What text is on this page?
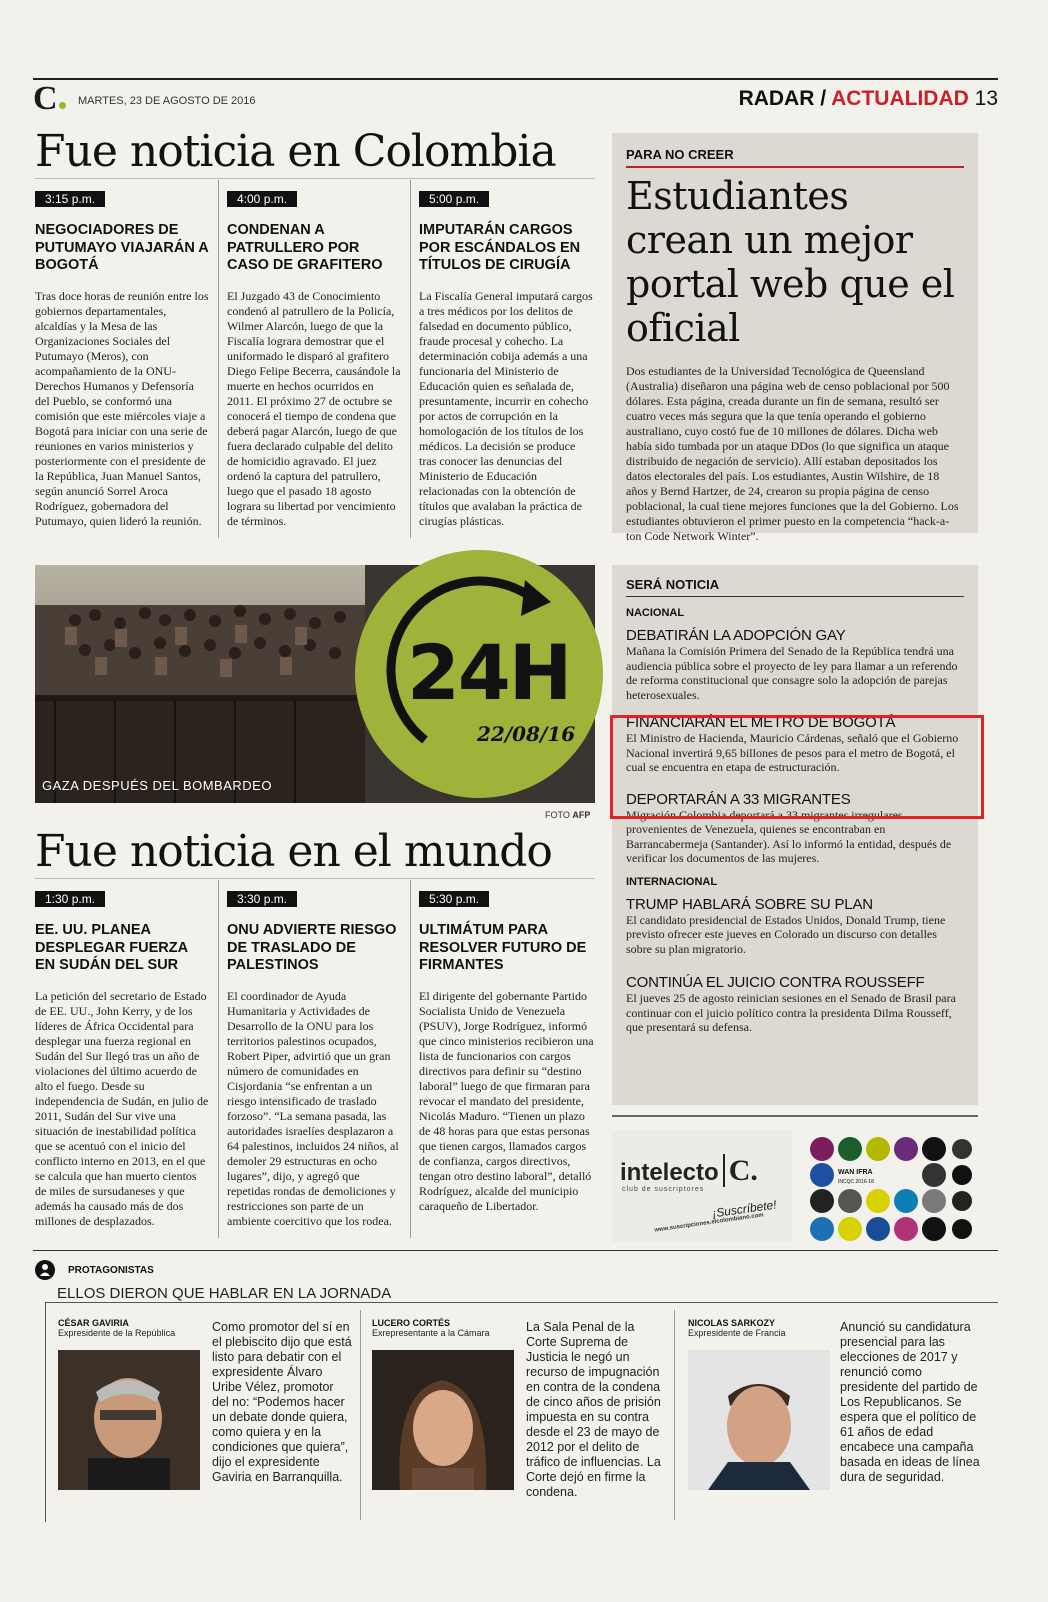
C	MARTES, 23 DE AGOSTO DE 2016	RADAR / ACTUALIDAD 13
Fue noticia en Colombia
3:15 p.m.
NEGOCIADORES DE PUTUMAYO VIAJARÁN A BOGOTÁ
Tras doce horas de reunión entre los gobiernos departamentales, alcaldías y la Mesa de las Organizaciones Sociales del Putumayo (Meros), con acompañamiento de la ONU-Derechos Humanos y Defensoría del Pueblo, se conformó una comisión que este miércoles viaje a Bogotá para iniciar con una serie de reuniones en varios ministerios y posteriormente con el presidente de la República, Juan Manuel Santos, según anunció Sorrel Aroca Rodríguez, gobernadora del Putumayo, quien lideró la reunión.
4:00 p.m.
CONDENAN A PATRULLERO POR CASO DE GRAFITERO
El Juzgado 43 de Conocimiento condenó al patrullero de la Policía, Wilmer Alarcón, luego de que la Fiscalía lograra demostrar que el uniformado le disparó al grafitero Diego Felipe Becerra, causándole la muerte en hechos ocurridos en 2011. El próximo 27 de octubre se conocerá el tiempo de condena que deberá pagar Alarcón, luego de que fuera declarado culpable del delito de homicidio agravado. El juez ordenó la captura del patrullero, luego que el pasado 18 agosto lograra su libertad por vencimiento de términos.
5:00 p.m.
IMPUTARÁN CARGOS POR ESCÁNDALOS EN TÍTULOS DE CIRUGÍA
La Fiscalía General imputará cargos a tres médicos por los delitos de falsedad en documento público, fraude procesal y cohecho. La determinación cobija además a una funcionaria del Ministerio de Educación quien es señalada de, presuntamente, incurrir en cohecho por actos de corrupción en la homologación de los títulos de los médicos. La decisión se produce tras conocer las denuncias del Ministerio de Educación relacionadas con la obtención de títulos que avalaban la práctica de cirugías plásticas.
PARA NO CREER
Estudiantes crean un mejor portal web que el oficial
Dos estudiantes de la Universidad Tecnológica de Queensland (Australia) diseñaron una página web de censo poblacional por 500 dólares. Esta página, creada durante un fin de semana, resultó ser cuatro veces más segura que la que tenía operando el gobierno australiano, cuyo costó fue de 10 millones de dólares. Dicha web había sido tumbada por un ataque DDos (lo que significa un ataque distribuido de negación de servicio). Allí estaban depositados los datos electorales del país. Los estudiantes, Austin Wilshire, de 18 años y Bernd Hartzer, de 24, crearon su propia página de censo poblacional, la cual tiene mejores funciones que la del Gobierno. Los estudiantes obtuvieron el primer puesto en la competencia “hack-a-ton Code Network Winter”.
GAZA DESPUÉS DEL BOMBARDEO
FOTO AFP
24H
22/08/16
SERÁ NOTICIA
NACIONAL
DEBATIRÁN LA ADOPCIÓN GAY
Mañana la Comisión Primera del Senado de la República tendrá una audiencia pública sobre el proyecto de ley para llamar a un referendo de reforma constitucional que consagre solo la adopción de parejas heterosexuales.
FINANCIARÁN EL METRO DE BOGOTÁ
El Ministro de Hacienda, Mauricio Cárdenas, señaló que el Gobierno Nacional invertirá 9,65 billones de pesos para el metro de Bogotá, el cual se encuentra en etapa de estructuración.
DEPORTARÁN A 33 MIGRANTES
Migración Colombia deportará a 33 migrantes irregulares provenientes de Venezuela, quienes se encontraban en Barrancabermeja (Santander). Así lo informó la entidad, después de verificar los documentos de las mujeres.
INTERNACIONAL
TRUMP HABLARÁ SOBRE SU PLAN
El candidato presidencial de Estados Unidos, Donald Trump, tiene previsto ofrecer este jueves en Colorado un discurso con detalles sobre su plan migratorio.
CONTINÚA EL JUICIO CONTRA ROUSSEFF
El jueves 25 de agosto reinician sesiones en el Senado de Brasil para continuar con el juicio político contra la presidenta Dilma Rousseff, que presentará su defensa.
Fue noticia en el mundo
1:30 p.m.
EE. UU. PLANEA DESPLEGAR FUERZA EN SUDÁN DEL SUR
La petición del secretario de Estado de EE. UU., John Kerry, y de los líderes de África Occidental para desplegar una fuerza regional en Sudán del Sur llegó tras un año de violaciones del último acuerdo de alto el fuego. Desde su independencia de Sudán, en julio de 2011, Sudán del Sur vive una situación de inestabilidad política que se acentuó con el inicio del conflicto interno en 2013, en el que se calcula que han muerto cientos de miles de sursudaneses y que además ha causado más de dos millones de desplazados.
3:30 p.m.
ONU ADVIERTE RIESGO DE TRASLADO DE PALESTINOS
El coordinador de Ayuda Humanitaria y Actividades de Desarrollo de la ONU para los territorios palestinos ocupados, Robert Piper, advirtió que un gran número de comunidades en Cisjordania “se enfrentan a un riesgo intensificado de traslado forzoso”. “La semana pasada, las autoridades israelíes desplazaron a 64 palestinos, incluidos 24 niños, al demoler 29 estructuras en ocho lugares”, dijo, y agregó que repetidas rondas de demoliciones y restricciones son parte de un ambiente coercitivo que los rodea.
5:30 p.m.
ULTIMÁTUM PARA RESOLVER FUTURO DE FIRMANTES
El dirigente del gobernante Partido Socialista Unido de Venezuela (PSUV), Jorge Rodríguez, informó que cinco ministerios recibieron una lista de funcionarios con cargos directivos para definir su “destino laboral” luego de que firmaran para revocar el mandato del presidente, Nicolás Maduro. “Tienen un plazo de 48 horas para que estas personas que tienen cargos, llamados cargos de confianza, cargos directivos, tengan otro destino laboral”, detalló Rodríguez, alcalde del municipio caraqueño de Libertador.
intelecto C.
club de suscriptores
¡Suscríbete!
www.suscripciones.elcolombiano.com
WAN IFRA
INCQC 2016-18
PROTAGONISTAS
ELLOS DIERON QUE HABLAR EN LA JORNADA
CÉSAR GAVIRIA
Expresidente de la República	Como promotor del sí en el plebiscito dijo que está listo para debatir con el expresidente Álvaro Uribe Vélez, promotor del no: “Podemos hacer un debate donde quiera, como quiera y en la condiciones que quiera”, dijo el expresidente Gaviria en Barranquilla.
LUCERO CORTÉS
Exrepresentante a la Cámara	La Sala Penal de la Corte Suprema de Justicia le negó un recurso de impugnación en contra de la condena de cinco años de prisión impuesta en su contra desde el 23 de mayo de 2012 por el delito de tráfico de influencias. La Corte dejó en firme la condena.
NICOLAS SARKOZY
Expresidente de Francia	Anunció su candidatura presencial para las elecciones de 2017 y renunció como presidente del partido de Los Republicanos. Se espera que el político de 61 años de edad encabece una campaña basada en ideas de línea dura de seguridad.
